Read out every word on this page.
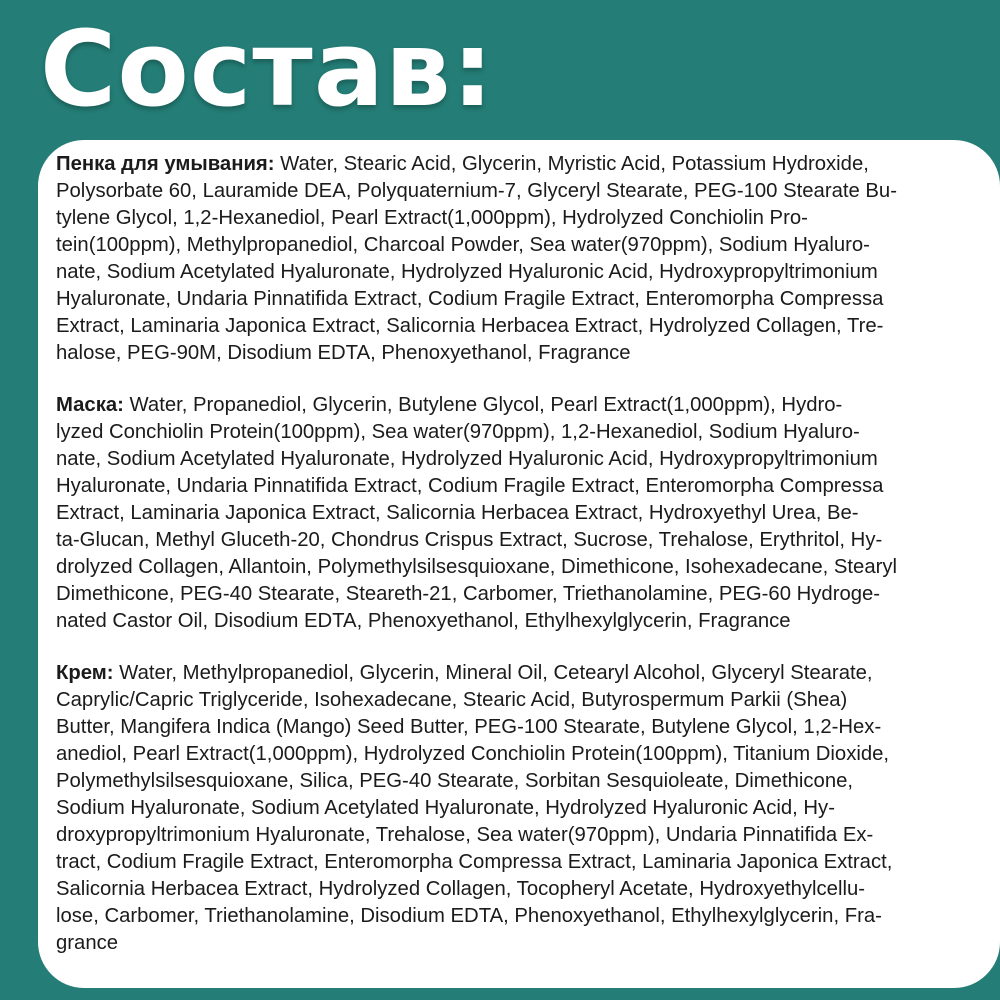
Состав:

Пенка для умывания: Water, Stearic Acid, Glycerin, Myristic Acid, Potassium Hydroxide,
Polysorbate 60, Lauramide DEA, Polyquaternium-7, Glyceryl Stearate, PEG-100 Stearate Bu-
tylene Glycol, 1,2-Hexanediol, Pearl Extract(1,000ppm), Hydrolyzed Conchiolin Pro-
tein(100ppm), Methylpropanediol, Charcoal Powder, Sea water(970ppm), Sodium Hyaluro-
nate, Sodium Acetylated Hyaluronate, Hydrolyzed Hyaluronic Acid, Hydroxypropyltrimonium
Hyaluronate, Undaria Pinnatifida Extract, Codium Fragile Extract, Enteromorpha Compressa
Extract, Laminaria Japonica Extract, Salicornia Herbacea Extract, Hydrolyzed Collagen, Tre-
halose, PEG-90M, Disodium EDTA, Phenoxyethanol, Fragrance

Маска: Water, Propanediol, Glycerin, Butylene Glycol, Pearl Extract(1,000ppm), Hydro-
lyzed Conchiolin Protein(100ppm), Sea water(970ppm), 1,2-Hexanediol, Sodium Hyaluro-
nate, Sodium Acetylated Hyaluronate, Hydrolyzed Hyaluronic Acid, Hydroxypropyltrimonium
Hyaluronate, Undaria Pinnatifida Extract, Codium Fragile Extract, Enteromorpha Compressa
Extract, Laminaria Japonica Extract, Salicornia Herbacea Extract, Hydroxyethyl Urea, Be-
ta-Glucan, Methyl Gluceth-20, Chondrus Crispus Extract, Sucrose, Trehalose, Erythritol, Hy-
drolyzed Collagen, Allantoin, Polymethylsilsesquioxane, Dimethicone, Isohexadecane, Stearyl
Dimethicone, PEG-40 Stearate, Steareth-21, Carbomer, Triethanolamine, PEG-60 Hydroge-
nated Castor Oil, Disodium EDTA, Phenoxyethanol, Ethylhexylglycerin, Fragrance

Крем: Water, Methylpropanediol, Glycerin, Mineral Oil, Cetearyl Alcohol, Glyceryl Stearate,
Caprylic/Capric Triglyceride, Isohexadecane, Stearic Acid, Butyrospermum Parkii (Shea)
Butter, Mangifera Indica (Mango) Seed Butter, PEG-100 Stearate, Butylene Glycol, 1,2-Hex-
anediol, Pearl Extract(1,000ppm), Hydrolyzed Conchiolin Protein(100ppm), Titanium Dioxide,
Polymethylsilsesquioxane, Silica, PEG-40 Stearate, Sorbitan Sesquioleate, Dimethicone,
Sodium Hyaluronate, Sodium Acetylated Hyaluronate, Hydrolyzed Hyaluronic Acid, Hy-
droxypropyltrimonium Hyaluronate, Trehalose, Sea water(970ppm), Undaria Pinnatifida Ex-
tract, Codium Fragile Extract, Enteromorpha Compressa Extract, Laminaria Japonica Extract,
Salicornia Herbacea Extract, Hydrolyzed Collagen, Tocopheryl Acetate, Hydroxyethylcellu-
lose, Carbomer, Triethanolamine, Disodium EDTA, Phenoxyethanol, Ethylhexylglycerin, Fra-
grance
